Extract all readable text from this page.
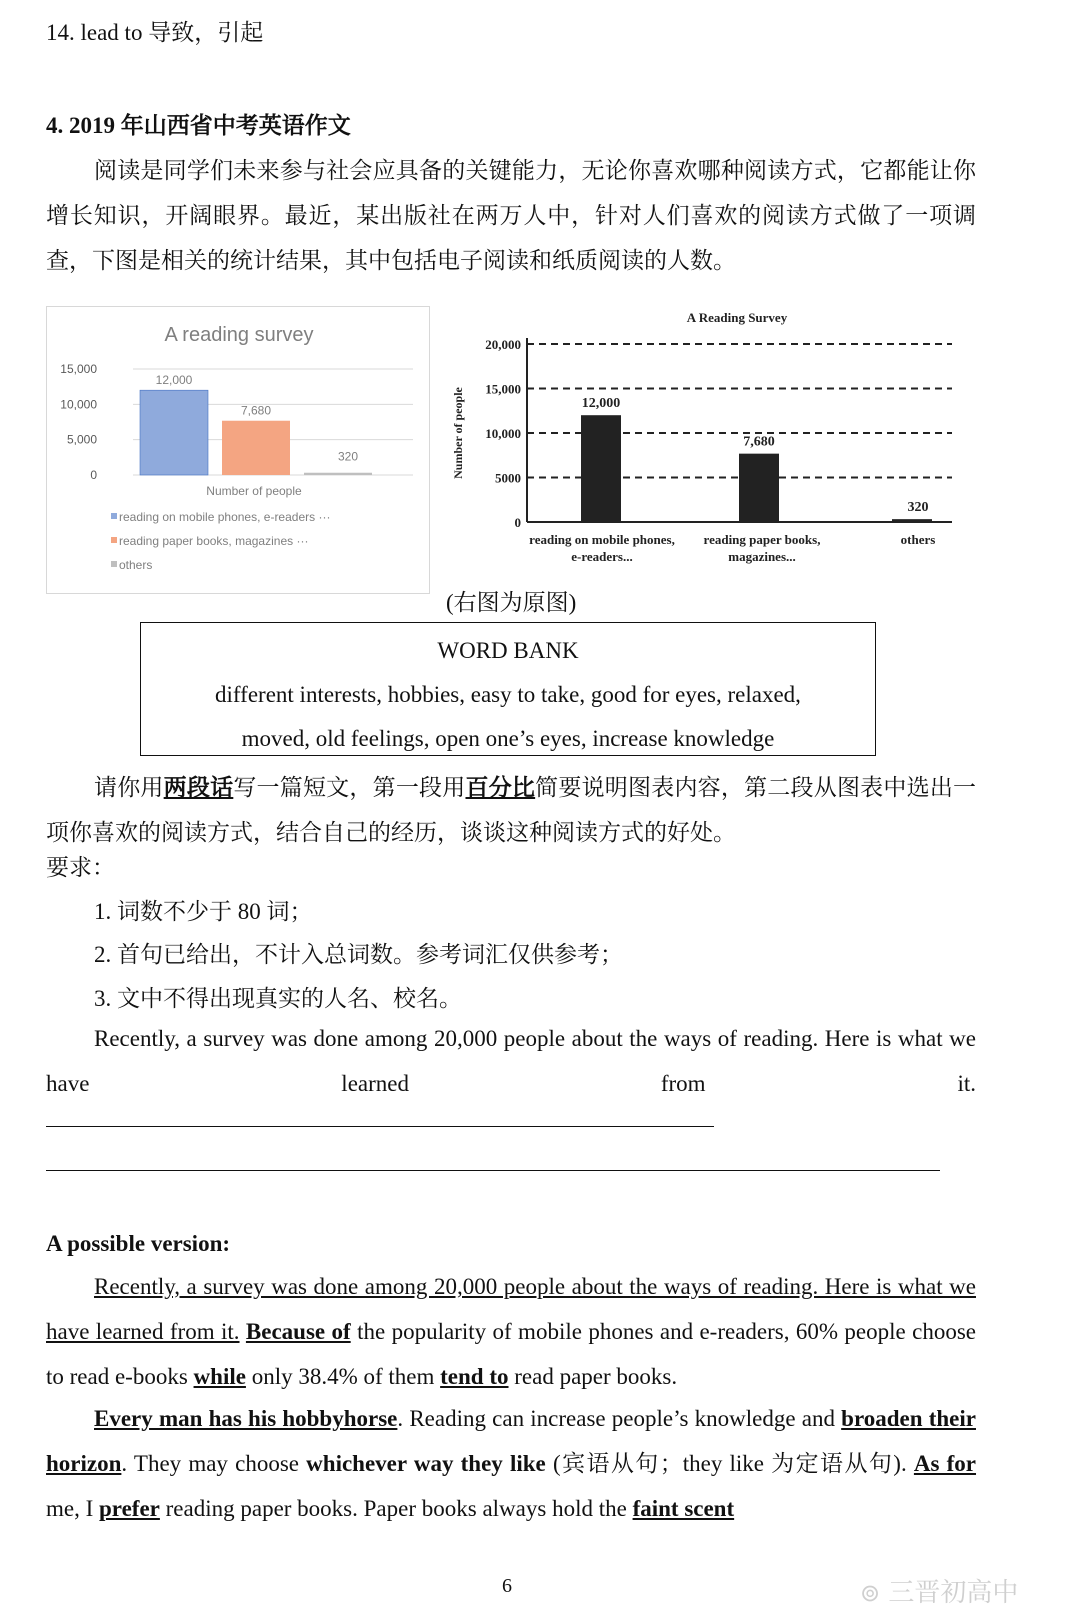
14. lead to 导致，引起
4. 2019 年山西省中考英语作文
阅读是同学们未来参与社会应具备的关键能力，无论你喜欢哪种阅读方式，它都能让你增长知识，开阔眼界。最近，某出版社在两万人中，针对人们喜欢的阅读方式做了一项调查，下图是相关的统计结果，其中包括电子阅读和纸质阅读的人数。
A reading survey
15,000
10,000
5,000
0
12,000
7,680
320
Number of people
reading on mobile phones, e-readers ···
reading paper books, magazines ···
others
A Reading Survey
20,000
15,000
10,000
5000
0
Number of people	12,000
7,680
320
reading on mobile phones,
e-readers...
reading paper books,
magazines...
others
(右图为原图)
WORD BANK
different interests, hobbies, easy to take, good for eyes, relaxed,
moved, old feelings, open one’s eyes, increase knowledge
请你用两段话写一篇短文，第一段用百分比简要说明图表内容，第二段从图表中选出一项你喜欢的阅读方式，结合自己的经历，谈谈这种阅读方式的好处。
要求：
1. 词数不少于 80 词；
2. 首句已给出，不计入总词数。参考词汇仅供参考；
3. 文中不得出现真实的人名、校名。
Recently, a survey was done among 20,000 people about the ways of reading. Here is what we have learned from it.
A possible version:
Recently, a survey was done among 20,000 people about the ways of reading. Here is what we have learned from it. Because of the popularity of mobile phones and e-readers, 60% people choose to read e-books while only 38.4% of them tend to read paper books.
Every man has his hobbyhorse. Reading can increase people’s knowledge and broaden their horizon. They may choose whichever way they like (宾语从句；they like 为定语从句). As for me, I prefer reading paper books. Paper books always hold the faint scent
6	⊚ 三晋初高中
